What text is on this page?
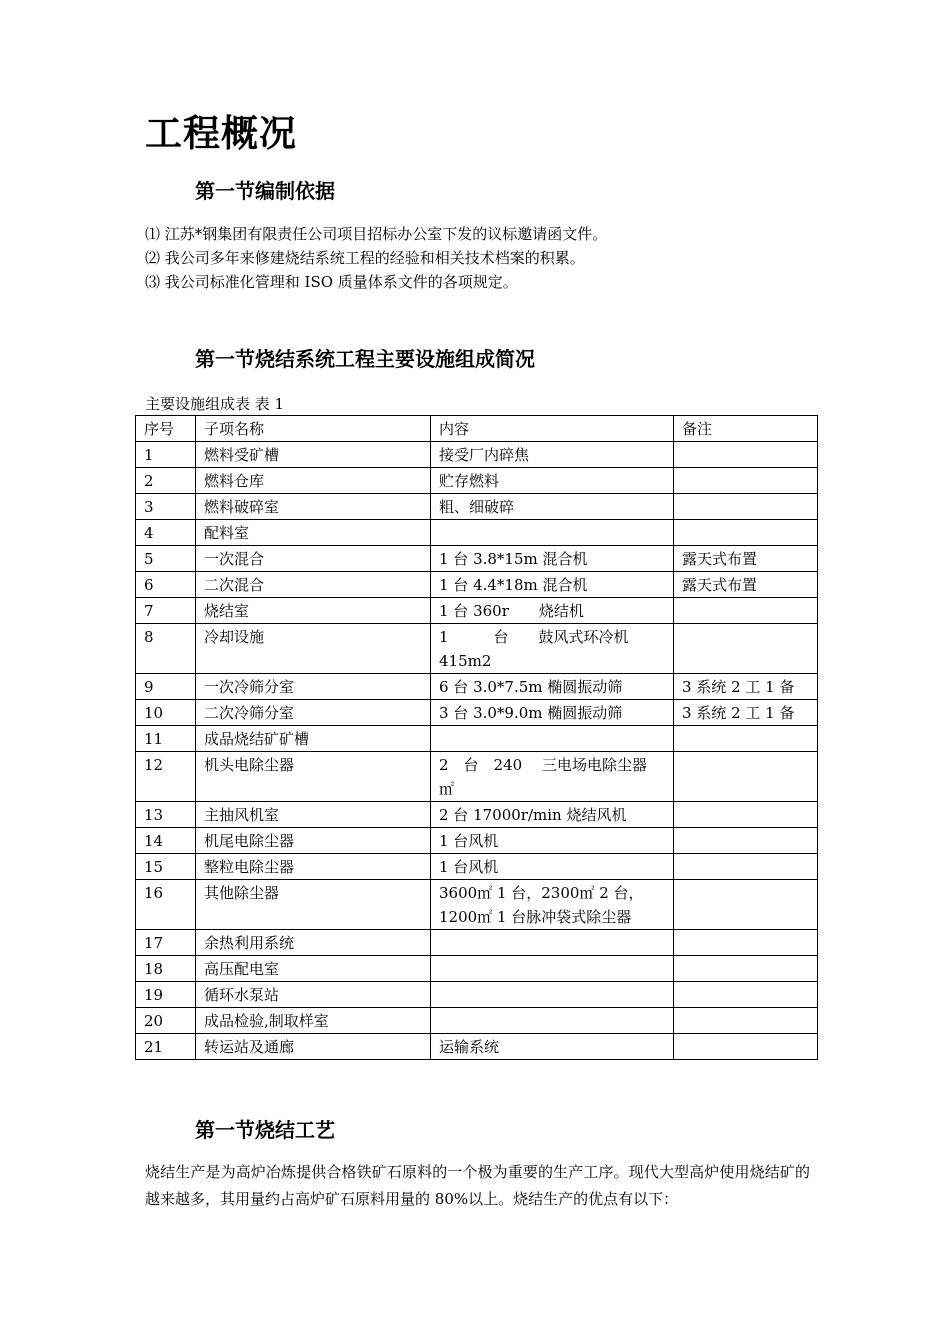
工程概况
第一节编制依据
⑴ 江苏*钢集团有限责任公司项目招标办公室下发的议标邀请函文件。
⑵ 我公司多年来修建烧结系统工程的经验和相关技术档案的积累。
⑶ 我公司标准化管理和 ISO 质量体系文件的各项规定。
第一节烧结系统工程主要设施组成简况
主要设施组成表 表 1
序号	子项名称	内容	备注
1	燃料受矿槽	接受厂内碎焦	
2	燃料仓库	贮存燃料	
3	燃料破碎室	粗、细破碎	
4	配料室		
5	一次混合	1 台 3.8*15m 混合机	露天式布置
6	二次混合	1 台 4.4*18m 混合机	露天式布置
7	烧结室	1 台 360r　　烧结机	
8	冷却设施	1　　　台　　鼓风式环冷机 415m2	
9	一次冷筛分室	6 台 3.0*7.5m 椭圆振动筛	3 系统 2 工 1 备
10	二次冷筛分室	3 台 3.0*9.0m 椭圆振动筛	3 系统 2 工 1 备
11	成品烧结矿矿槽		
12	机头电除尘器	2　台　240　 三电场电除尘器 ㎡	
13	主抽风机室	2 台 17000r/min 烧结风机	
14	机尾电除尘器	1 台风机	
15	整粒电除尘器	1 台风机	
16	其他除尘器	3600㎡ 1 台，2300㎡ 2 台，1200㎡ 1 台脉冲袋式除尘器	
17	余热利用系统		
18	高压配电室		
19	循环水泵站		
20	成品检验,制取样室		
21	转运站及通廊	运输系统	
第一节烧结工艺
烧结生产是为高炉冶炼提供合格铁矿石原料的一个极为重要的生产工序。现代大型高炉使用烧结矿的越来越多，其用量约占高炉矿石原料用量的 80%以上。烧结生产的优点有以下：
